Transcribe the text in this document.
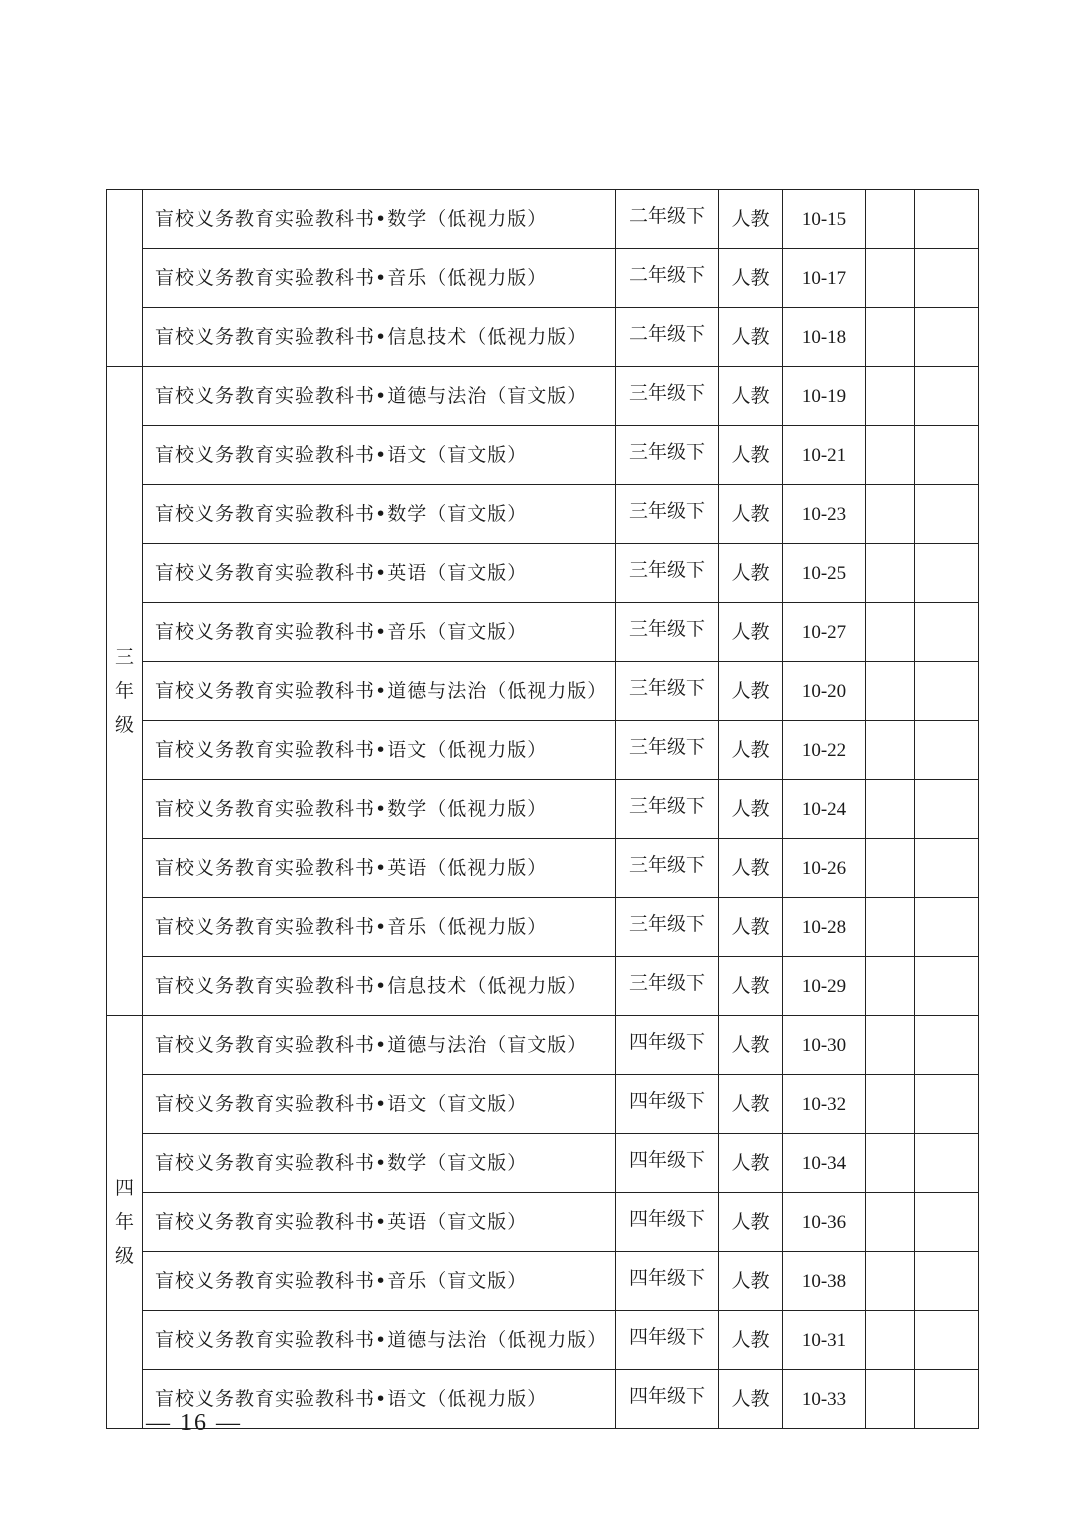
	盲校义务教育实验教科书•数学（低视力版）	二年级下	人教	10-15		
	盲校义务教育实验教科书•音乐（低视力版）	二年级下	人教	10-17		
	盲校义务教育实验教科书•信息技术（低视力版）	二年级下	人教	10-18		

三
年
级	盲校义务教育实验教科书•道德与法治（盲文版）	三年级下	人教	10-19		
	盲校义务教育实验教科书•语文（盲文版）	三年级下	人教	10-21		
	盲校义务教育实验教科书•数学（盲文版）	三年级下	人教	10-23		
	盲校义务教育实验教科书•英语（盲文版）	三年级下	人教	10-25		
	盲校义务教育实验教科书•音乐（盲文版）	三年级下	人教	10-27		
	盲校义务教育实验教科书•道德与法治（低视力版）	三年级下	人教	10-20		
	盲校义务教育实验教科书•语文（低视力版）	三年级下	人教	10-22		
	盲校义务教育实验教科书•数学（低视力版）	三年级下	人教	10-24		
	盲校义务教育实验教科书•英语（低视力版）	三年级下	人教	10-26		
	盲校义务教育实验教科书•音乐（低视力版）	三年级下	人教	10-28		
	盲校义务教育实验教科书•信息技术（低视力版）	三年级下	人教	10-29		

四
年
级	盲校义务教育实验教科书•道德与法治（盲文版）	四年级下	人教	10-30		
	盲校义务教育实验教科书•语文（盲文版）	四年级下	人教	10-32		
	盲校义务教育实验教科书•数学（盲文版）	四年级下	人教	10-34		
	盲校义务教育实验教科书•英语（盲文版）	四年级下	人教	10-36		
	盲校义务教育实验教科书•音乐（盲文版）	四年级下	人教	10-38		
	盲校义务教育实验教科书•道德与法治（低视力版）	四年级下	人教	10-31		
	盲校义务教育实验教科书•语文（低视力版）	四年级下	人教	10-33		
— 16 —
